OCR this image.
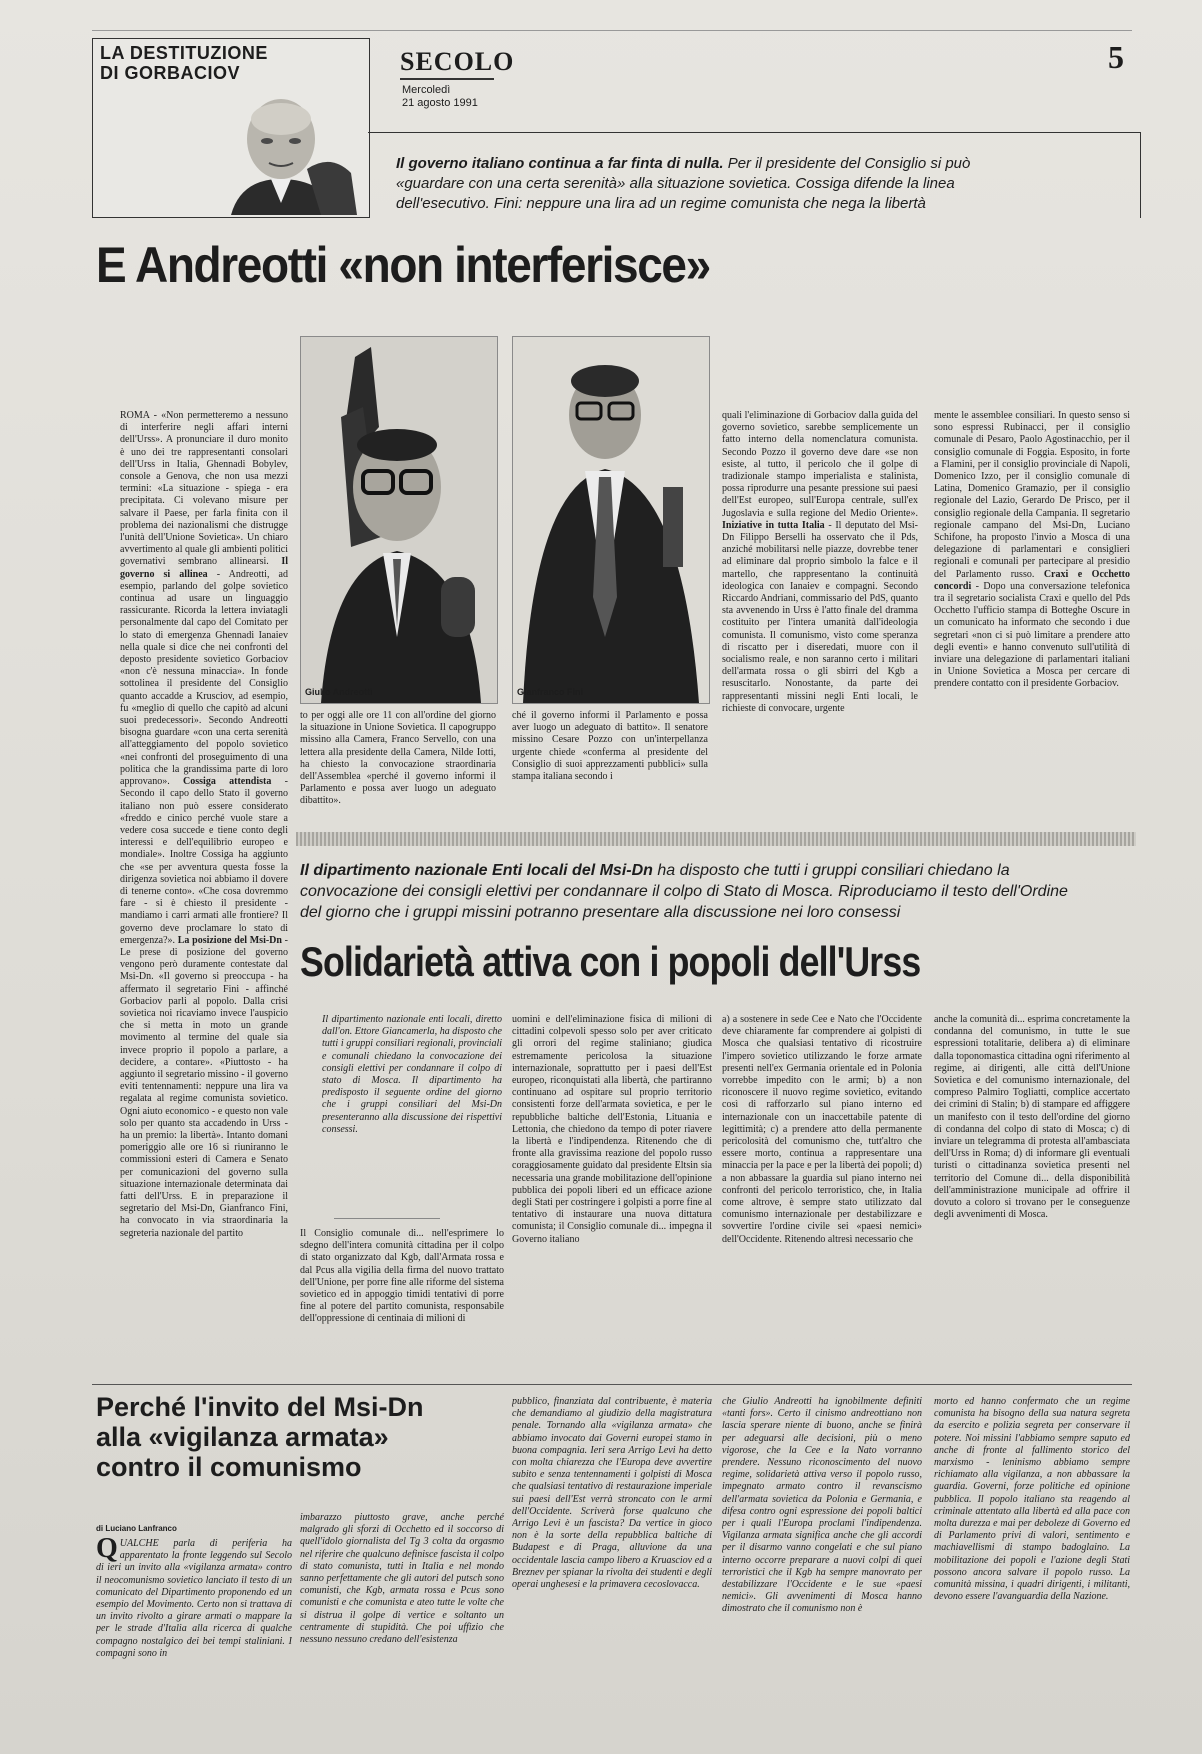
LA DESTITUZIONE
DI GORBACIOV	SECOLO
Mercoledì
21 agosto 1991
5
Il governo italiano continua a far finta di nulla. Per il presidente del Consiglio si può «guardare con una certa serenità» alla situazione sovietica. Cossiga difende la linea dell'esecutivo. Fini: neppure una lira ad un regime comunista che nega la libertà
E Andreotti «non interferisce»
ROMA - «Non permetteremo a nessuno di interferire negli affari interni dell'Urss». A pronunciare il duro monito è uno dei tre rappresentanti consolari dell'Urss in Italia, Ghennadi Bobylev, console a Genova, che non usa mezzi termini: «La situazione - spiega - era precipitata. Ci volevano misure per salvare il Paese, per farla finita con il problema dei nazionalismi che distrugge l'unità dell'Unione Sovietica». Un chiaro avvertimento al quale gli ambienti politici governativi sembrano allinearsi. Il governo si allinea - Andreotti, ad esempio, parlando del golpe sovietico continua ad usare un linguaggio rassicurante. Ricorda la lettera inviatagli personalmente dal capo del Comitato per lo stato di emergenza Ghennadi Ianaiev nella quale si dice che nei confronti del deposto presidente sovietico Gorbaciov «non c'è nessuna minaccia». In fonde sottolinea il presidente del Consiglio quanto accadde a Krusciov, ad esempio, fu «meglio di quello che capitò ad alcuni suoi predecessori». Secondo Andreotti bisogna guardare «con una certa serenità all'atteggiamento del popolo sovietico «nei confronti del proseguimento di una politica che la grandissima parte di loro approvano». Cossiga attendista - Secondo il capo dello Stato il governo italiano non può essere considerato «freddo e cinico perché vuole stare a vedere cosa succede e tiene conto degli interessi e dell'equilibrio europeo e mondiale». Inoltre Cossiga ha aggiunto che «se per avventura questa fosse la dirigenza sovietica noi abbiamo il dovere di tenerne conto». «Che cosa dovremmo fare - si è chiesto il presidente - mandiamo i carri armati alle frontiere? Il governo deve proclamare lo stato di emergenza?». La posizione del Msi-Dn - Le prese di posizione del governo vengono però duramente contestate dal Msi-Dn. «Il governo si preoccupa - ha affermato il segretario Fini - affinché Gorbaciov parli al popolo. Dalla crisi sovietica noi ricaviamo invece l'auspicio che si metta in moto un grande movimento al termine del quale sia invece proprio il popolo a parlare, a decidere, a contare». «Piuttosto - ha aggiunto il segretario missino - il governo eviti tentennamenti: neppure una lira va regalata al regime comunista sovietico. Ogni aiuto economico - e questo non vale solo per quanto sta accadendo in Urss - ha un premio: la libertà». Intanto domani pomeriggio alle ore 16 si riuniranno le commissioni esteri di Camera e Senato per comunicazioni del governo sulla situazione internazionale determinata dai fatti dell'Urss. E in preparazione il segretario del Msi-Dn, Gianfranco Fini, ha convocato in via straordinaria la segreteria nazionale del partito
Giulio Andreotti	Gianfranco Fini
to per oggi alle ore 11 con all'ordine del giorno la situazione in Unione Sovietica. Il capogruppo missino alla Camera, Franco Servello, con una lettera alla presidente della Camera, Nilde Iotti, ha chiesto la convocazione straordinaria dell'Assemblea «perché il governo informi il Parlamento e possa aver luogo un adeguato dibattito».
ché il governo informi il Parlamento e possa aver luogo un adeguato di battito». Il senatore missino Cesare Pozzo con un'interpellanza urgente chiede «conferma al presidente del Consiglio di suoi apprezzamenti pubblici» sulla stampa italiana secondo i
quali l'eliminazione di Gorbaciov dalla guida del governo sovietico, sarebbe semplicemente un fatto interno della nomenclatura comunista. Secondo Pozzo il governo deve dare «se non esiste, al tutto, il pericolo che il golpe di tradizionale stampo imperialista e stalinista, possa riprodurre una pesante pressione sui paesi dell'Est europeo, sull'Europa centrale, sull'ex Jugoslavia e sulla regione del Medio Oriente». Iniziative in tutta Italia - Il deputato del Msi-Dn Filippo Berselli ha osservato che il Pds, anziché mobilitarsi nelle piazze, dovrebbe tener ad eliminare dal proprio simbolo la falce e il martello, che rappresentano la continuità ideologica con Ianaiev e compagni. Secondo Riccardo Andriani, commissario del PdS, quanto sta avvenendo in Urss è l'atto finale del dramma costituito per l'intera umanità dall'ideologia comunista. Il comunismo, visto come speranza di riscatto per i diseredati, muore con il socialismo reale, e non saranno certo i militari dell'armata rossa o gli sbirri del Kgb a resuscitarlo. Nonostante, da parte dei rappresentanti missini negli Enti locali, le richieste di convocare, urgente
mente le assemblee consiliari. In questo senso si sono espressi Rubinacci, per il consiglio comunale di Pesaro, Paolo Agostinacchio, per il consiglio comunale di Foggia. Esposito, in forte a Flamini, per il consiglio provinciale di Napoli, Domenico Izzo, per il consiglio comunale di Latina, Domenico Gramazio, per il consiglio regionale del Lazio, Gerardo De Prisco, per il consiglio regionale della Campania. Il segretario regionale campano del Msi-Dn, Luciano Schifone, ha proposto l'invio a Mosca di una delegazione di parlamentari e consiglieri regionali e comunali per partecipare al presidio del Parlamento russo. Craxi e Occhetto concordi - Dopo una conversazione telefonica tra il segretario socialista Craxi e quello del Pds Occhetto l'ufficio stampa di Botteghe Oscure in un comunicato ha informato che secondo i due segretari «non ci si può limitare a prendere atto degli eventi» e hanno convenuto sull'utilità di inviare una delegazione di parlamentari italiani in Unione Sovietica a Mosca per cercare di prendere contatto con il presidente Gorbaciov.
Il dipartimento nazionale Enti locali del Msi-Dn ha disposto che tutti i gruppi consiliari chiedano la convocazione dei consigli elettivi per condannare il colpo di Stato di Mosca. Riproduciamo il testo dell'Ordine del giorno che i gruppi missini potranno presentare alla discussione nei loro consessi
Solidarietà attiva con i popoli dell'Urss
Il dipartimento nazionale enti locali, diretto dall'on. Ettore Giancamerla, ha disposto che tutti i gruppi consiliari regionali, provinciali e comunali chiedano la convocazione dei consigli elettivi per condannare il colpo di stato di Mosca. Il dipartimento ha predisposto il seguente ordine del giorno che i gruppi consiliari del Msi-Dn presenteranno alla discussione dei rispettivi consessi.
Il Consiglio comunale di... nell'esprimere lo sdegno dell'intera comunità cittadina per il colpo di stato organizzato dal Kgb, dall'Armata rossa e dal Pcus alla vigilia della firma del nuovo trattato dell'Unione, per porre fine alle riforme del sistema sovietico ed in appoggio timidi tentativi di porre fine al potere del partito comunista, responsabile dell'oppressione di centinaia di milioni di
uomini e dell'eliminazione fisica di milioni di cittadini colpevoli spesso solo per aver criticato gli orrori del regime staliniano; giudica estremamente pericolosa la situazione internazionale, soprattutto per i paesi dell'Est europeo, riconquistati alla libertà, che partiranno continuano ad ospitare sul proprio territorio consistenti forze dell'armata sovietica, e per le repubbliche baltiche dell'Estonia, Lituania e Lettonia, che chiedono da tempo di poter riavere la libertà e l'indipendenza. Ritenendo che di fronte alla gravissima reazione del popolo russo coraggiosamente guidato dal presidente Eltsin sia necessaria una grande mobilitazione dell'opinione pubblica dei popoli liberi ed un efficace azione degli Stati per costringere i golpisti a porre fine al tentativo di instaurare una nuova dittatura comunista; il Consiglio comunale di... impegna il Governo italiano
a) a sostenere in sede Cee e Nato che l'Occidente deve chiaramente far comprendere ai golpisti di Mosca che qualsiasi tentativo di ricostruire l'impero sovietico utilizzando le forze armate presenti nell'ex Germania orientale ed in Polonia vorrebbe impedito con le armi; b) a non riconoscere il nuovo regime sovietico, evitando così di rafforzarlo sul piano interno ed internazionale con un inaccettabile patente di legittimità; c) a prendere atto della permanente pericolosità del comunismo che, tutt'altro che essere morto, continua a rappresentare una minaccia per la pace e per la libertà dei popoli; d) a non abbassare la guardia sul piano interno nei confronti del pericolo terroristico, che, in Italia come altrove, è sempre stato utilizzato dal comunismo internazionale per destabilizzare e sovvertire l'ordine civile sei «paesi nemici» dell'Occidente. Ritenendo altresì necessario che
anche la comunità di... esprima concretamente la condanna del comunismo, in tutte le sue espressioni totalitarie, delibera a) di eliminare dalla toponomastica cittadina ogni riferimento al regime, ai dirigenti, alle città dell'Unione Sovietica e del comunismo internazionale, del compreso Palmiro Togliatti, complice accertato dei crimini di Stalin; b) di stampare ed affiggere un manifesto con il testo dell'ordine del giorno di condanna del colpo di stato di Mosca; c) di inviare un telegramma di protesta all'ambasciata dell'Urss in Roma; d) di informare gli eventuali turisti o cittadinanza sovietica presenti nel territorio del Comune di... della disponibilità dell'amministrazione municipale ad offrire il dovuto a coloro si trovano per le conseguenze degli avvenimenti di Mosca.
Perché l'invito del Msi-Dn
alla «vigilanza armata»
contro il comunismo
di Luciano Lanfranco
QUALCHE parla di periferia ha apparentato la fronte leggendo sul Secolo di ieri un invito alla «vigilanza armata» contro il neocomunismo sovietico lanciato il testo di un comunicato del Dipartimento proponendo ed un esempio del Movimento. Certo non si trattava di un invito rivolto a girare armati o mappare la per le strade d'Italia alla ricerca di qualche compagno nostalgico dei bei tempi staliniani. I compagni sono in
imbarazzo piuttosto grave, anche perché malgrado gli sforzi di Occhetto ed il soccorso di quell'idolo giornalista del Tg 3 colta da orgasmo nel riferire che qualcuno definisce fascista il colpo di stato comunista, tutti in Italia e nel mondo sanno perfettamente che gli autori del putsch sono comunisti, che Kgb, armata rossa e Pcus sono comunisti e che comunista e ateo tutte le volte che si distrua il golpe di vertice e soltanto un centramente di stupidità. Che poi uffizio che nessuno nessuno credano dell'esistenza
pubblico, finanziata dal contribuente, è materia che demandiamo al giudizio della magistratura penale. Tornando alla «vigilanza armata» che abbiamo invocato dai Governi europei stamo in buona compagnia. Ieri sera Arrigo Levi ha detto con molta chiarezza che l'Europa deve avvertire subito e senza tentennamenti i golpisti di Mosca che qualsiasi tentativo di restaurazione imperiale sui paesi dell'Est verrà stroncato con le armi dell'Occidente. Scriverà forse qualcuno che Arrigo Levi è un fascista? Da vertice in gioco non è la sorte della repubblica baltiche di Budapest e di Praga, alluvione da una occidentale lascia campo libero a Kruasciov ed a Breznev per spianar la rivolta dei studenti e degli operai unghesesi e la primavera cecoslovacca.
che Giulio Andreotti ha ignobilmente definiti «tanti fors». Certo il cinismo andreottiano non lascia sperare niente di buono, anche se finirà per adeguarsi alle decisioni, più o meno vigorose, che la Cee e la Nato vorranno prendere. Nessuno riconoscimento del nuovo regime, solidarietà attiva verso il popolo russo, impegnato armato contro il revanscismo dell'armata sovietica da Polonia e Germania, e difesa contro ogni espressione dei popoli baltici per i quali l'Europa proclami l'indipendenza. Vigilanza armata significa anche che gli accordi per il disarmo vanno congelati e che sul piano interno occorre preparare a nuovi colpi di quei terroristici che il Kgb ha sempre manovrato per destabilizzare l'Occidente e le sue «paesi nemici». Gli avvenimenti di Mosca hanno dimostrato che il comunismo non è
morto ed hanno confermato che un regime comunista ha bisogno della sua natura segreta da esercito e polizia segreta per conservare il potere. Noi missini l'abbiamo sempre saputo ed anche di fronte al fallimento storico del marxismo - leninismo abbiamo sempre richiamato alla vigilanza, a non abbassare la guardia. Governi, forze politiche ed opinione pubblica. Il popolo italiano sta reagendo al criminale attentato alla libertà ed alla pace con molta durezza e mai per deboleze di Governo ed di Parlamento privi di valori, sentimento e machiavellismi di stampo badoglaino. La mobilitazione dei popoli e l'azione degli Stati possono ancora salvare il popolo russo. La comunità missina, i quadri dirigenti, i militanti, devono essere l'avanguardia della Nazione.
